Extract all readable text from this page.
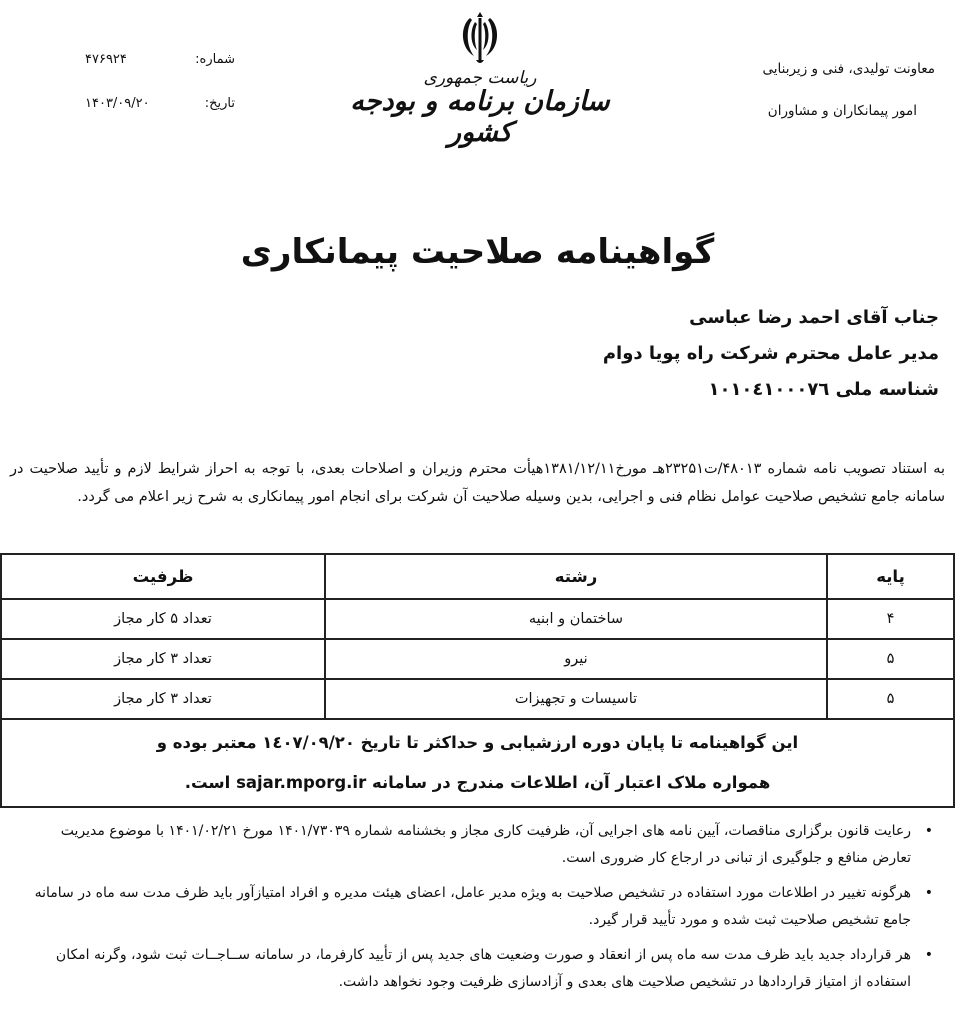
معاونت تولیدی، فنی و زیربنایی
امور پیمانکاران و مشاوران
ریاست جمهوری
سازمان برنامه و بودجه کشور
شماره:
۴۷۶۹۲۴
تاریخ:
۱۴۰۳/۰۹/۲۰
گواهینامه صلاحیت پیمانکاری
جناب آقای احمد رضا عباسی
مدیر عامل محترم شرکت راه پویا دوام
شناسه ملی ۱۰۱۰٤۱۰۰۰۷٦
به استناد تصویب نامه شماره ۴۸۰۱۳/ت۲۳۲۵۱هـ مورخ۱۳۸۱/۱۲/۱۱هیأت محترم وزیران و اصلاحات بعدی، با توجه به احراز شرایط لازم و تأیید صلاحیت در سامانه جامع تشخیص صلاحیت عوامل نظام فنی و اجرایی، بدین وسیله صلاحیت آن شرکت برای انجام امور پیمانکاری به شرح زیر اعلام می گردد.
پایه	رشته	ظرفیت
۴	ساختمان و ابنیه	تعداد ۵ کار مجاز
۵	نیرو	تعداد ۳ کار مجاز
۵	تاسیسات و تجهیزات	تعداد ۳ کار مجاز

این گواهینامه تا پایان دوره ارزشیابی و حداکثر تا تاریخ ۱٤۰۷/۰۹/۲۰ معتبر بوده و
همواره ملاک اعتبار آن، اطلاعات مندرج در سامانه sajar.mporg.ir است.		
•
رعایت قانون برگزاری مناقصات، آیین نامه های اجرایی آن، ظرفیت کاری مجاز و بخشنامه شماره ۱۴۰۱/۷۳۰۳۹ مورخ ۱۴۰۱/۰۲/۲۱ با موضوع مدیریت تعارض منافع و جلوگیری از تبانی در ارجاع کار ضروری است.
•
هرگونه تغییر در اطلاعات مورد استفاده در تشخیص صلاحیت به ویژه مدیر عامل، اعضای هیئت مدیره و افراد امتیازآور باید ظرف مدت سه ماه در سامانه جامع تشخیص صلاحیت ثبت شده و مورد تأیید قرار گیرد.
•
هر قرارداد جدید باید ظرف مدت سه ماه پس از انعقاد و صورت وضعیت های جدید پس از تأیید کارفرما، در سامانه ســاجــات ثبت شود، وگرنه امکان استفاده از امتیاز قراردادها در تشخیص صلاحیت های بعدی و آزادسازی ظرفیت وجود نخواهد داشت.
